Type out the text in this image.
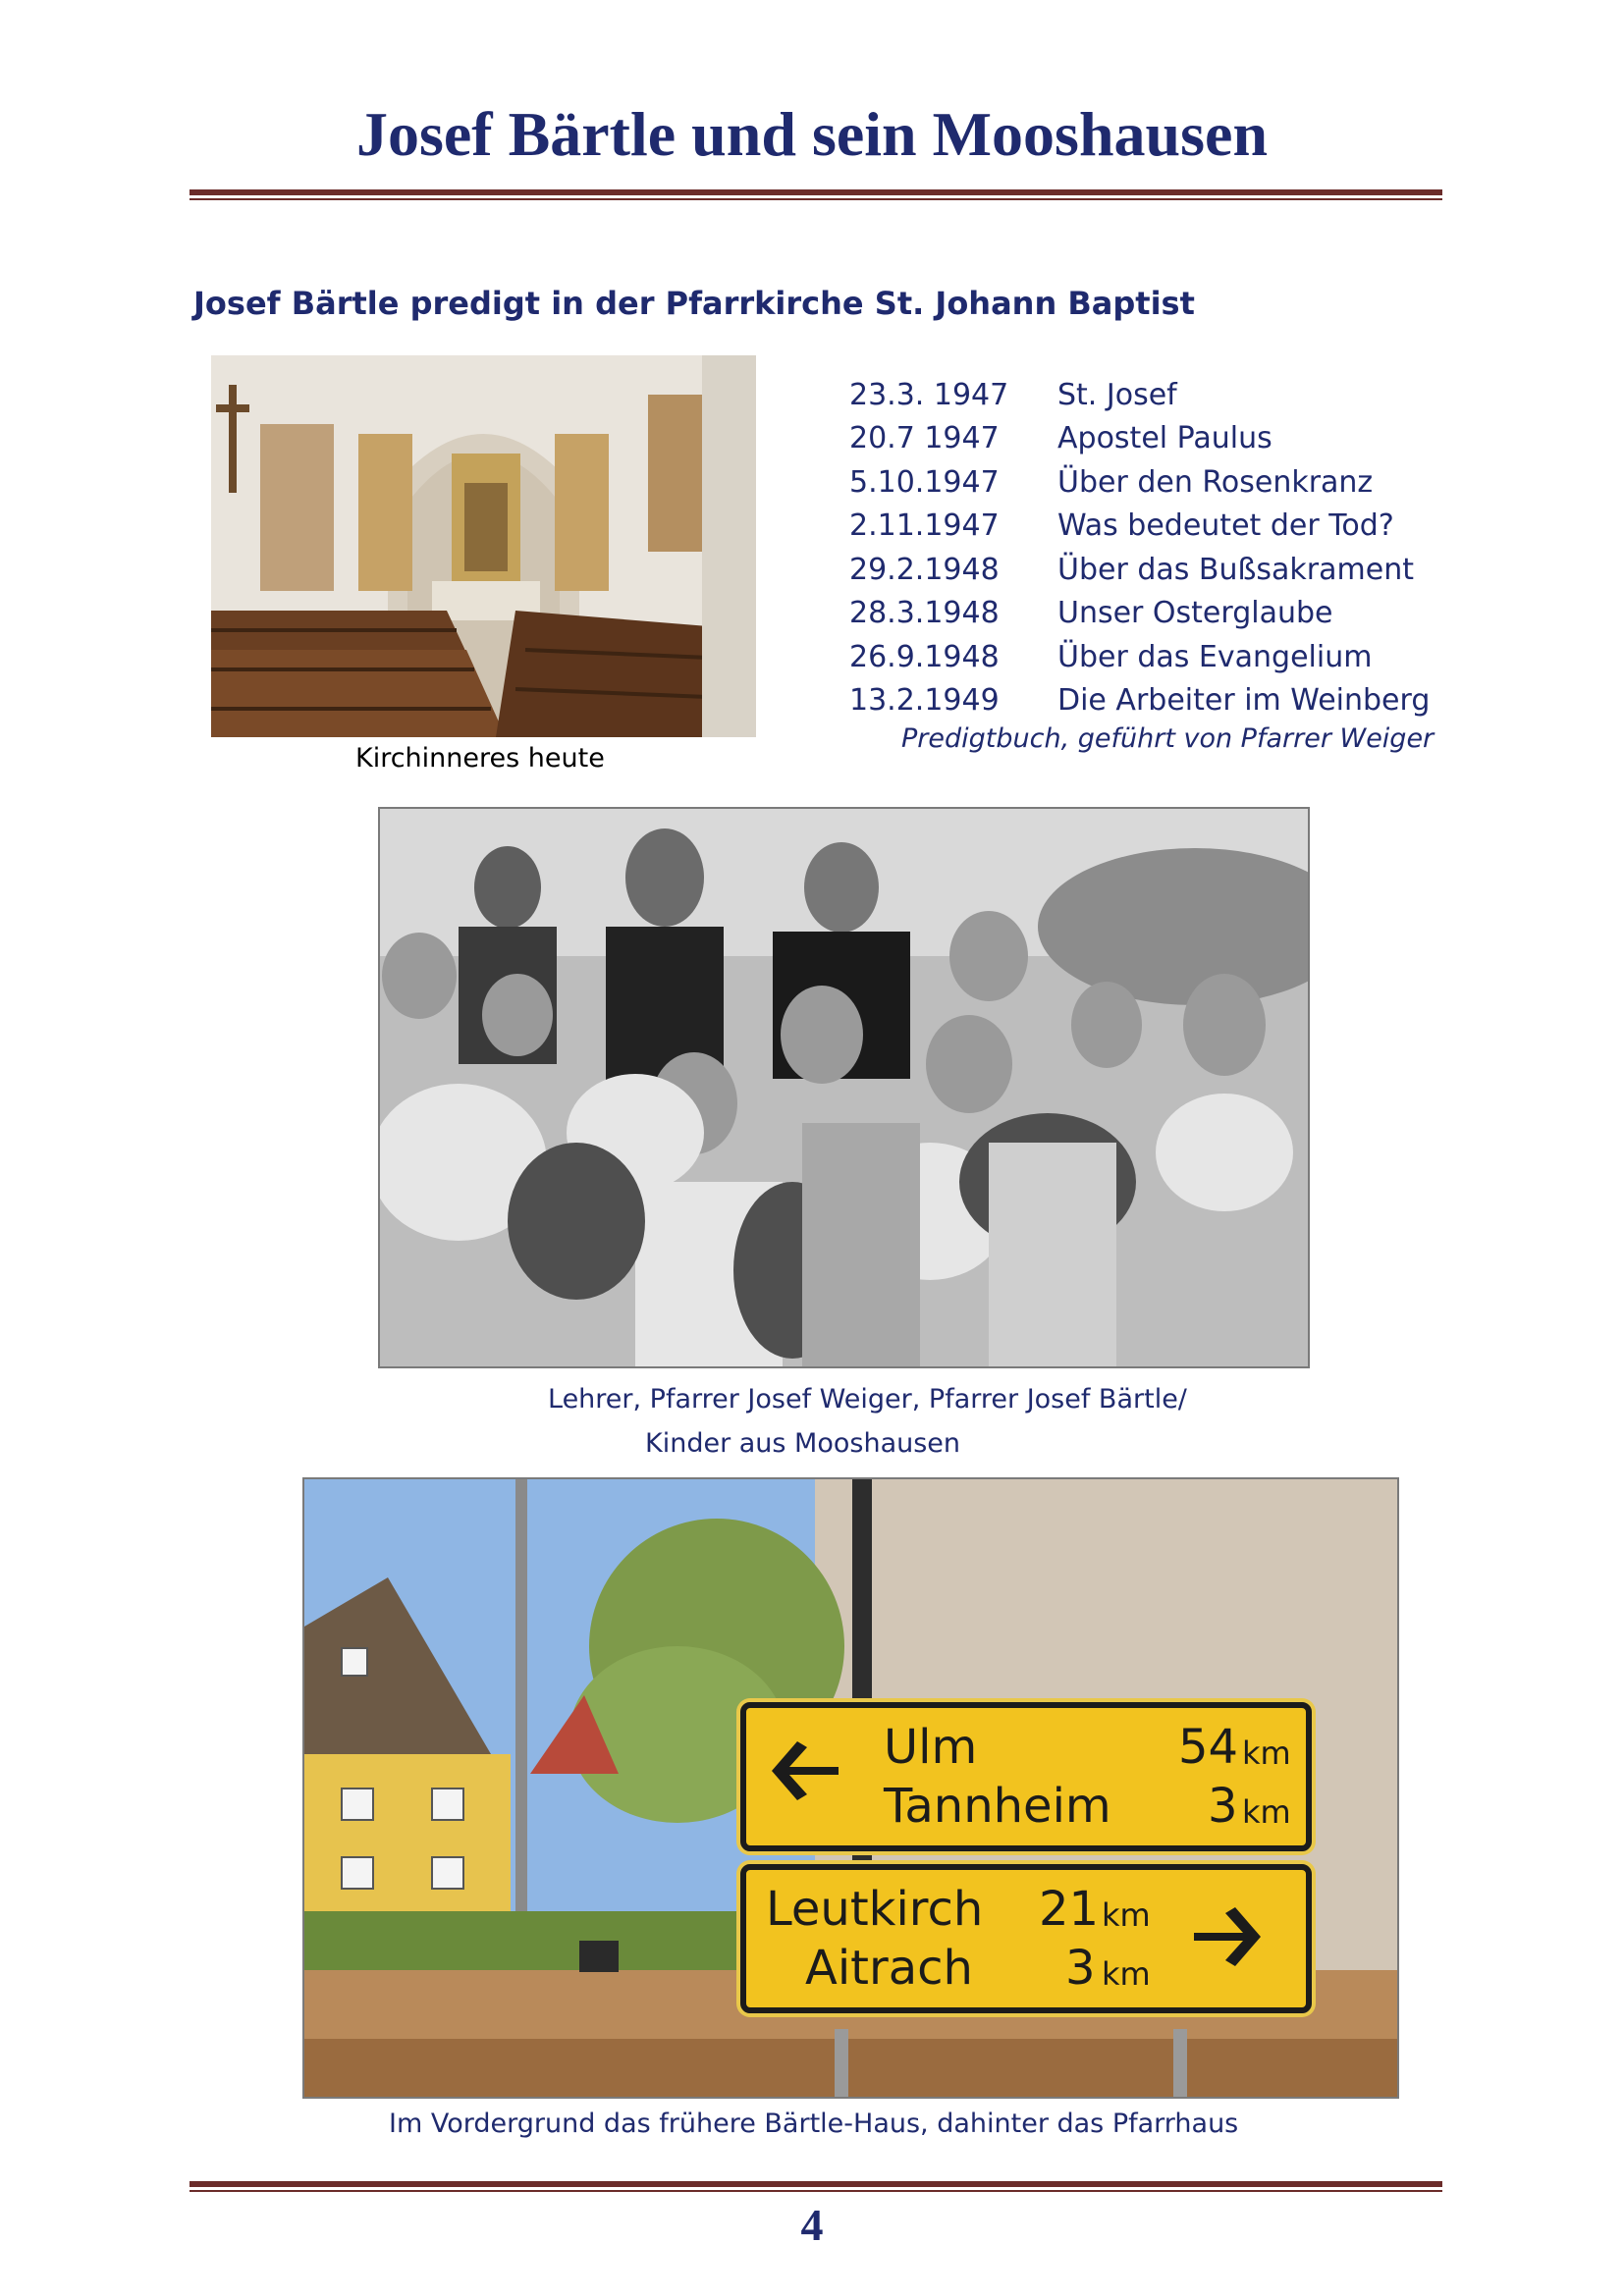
Josef Bärtle und sein Mooshausen
Josef Bärtle predigt in der Pfarrkirche St. Johann Baptist
Kirchinneres heute
23.3. 1947	St. Josef
20.7 1947	Apostel Paulus
5.10.1947	Über den Rosenkranz
2.11.1947	Was bedeutet der Tod?
29.2.1948	Über das Bußsakrament
28.3.1948	Unser Osterglaube
26.9.1948	Über das Evangelium
13.2.1949	Die Arbeiter im Weinberg
Predigtbuch, geführt von Pfarrer Weiger
Lehrer, Pfarrer Josef Weiger, Pfarrer Josef Bärtle/
Kinder aus Mooshausen
Ulm	54 km
Tannheim 3 km
Leutkirch 21 km
Aitrach 3 km
Im Vordergrund das frühere Bärtle-Haus, dahinter das Pfarrhaus
4
